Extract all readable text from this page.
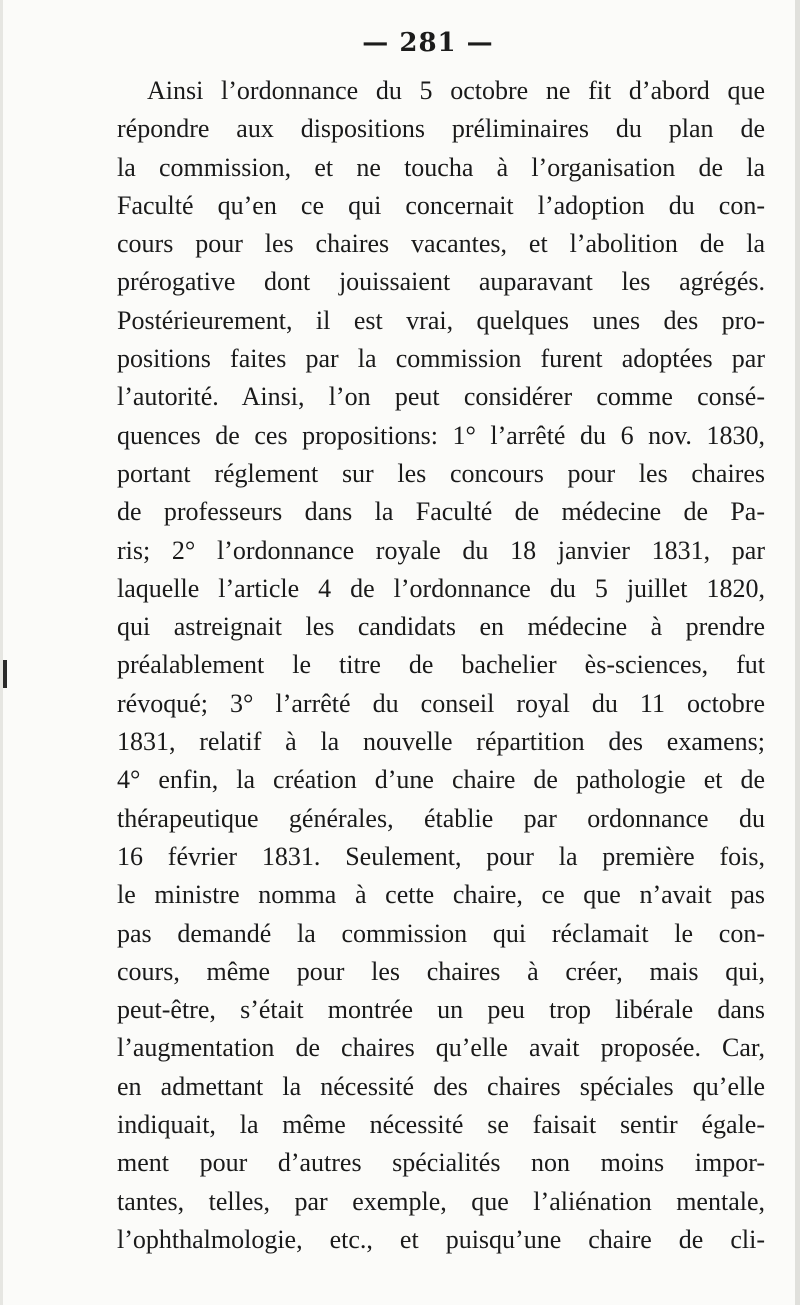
— 281 —
Ainsi l’ordonnance du 5 octobre ne fit d’abord que
répondre aux dispositions préliminaires du plan de
la commission, et ne toucha à l’organisation de la
Faculté qu’en ce qui concernait l’adoption du con-
cours pour les chaires vacantes, et l’abolition de la
prérogative dont jouissaient auparavant les agrégés.
Postérieurement, il est vrai, quelques unes des pro-
positions faites par la commission furent adoptées par
l’autorité. Ainsi, l’on peut considérer comme consé-
quences de ces propositions: 1° l’arrêté du 6 nov. 1830,
portant réglement sur les concours pour les chaires
de professeurs dans la Faculté de médecine de Pa-
ris; 2° l’ordonnance royale du 18 janvier 1831, par
laquelle l’article 4 de l’ordonnance du 5 juillet 1820,
qui astreignait les candidats en médecine à prendre
préalablement le titre de bachelier ès-sciences, fut
révoqué; 3° l’arrêté du conseil royal du 11 octobre
1831, relatif à la nouvelle répartition des examens;
4° enfin, la création d’une chaire de pathologie et de
thérapeutique générales, établie par ordonnance du
16 février 1831. Seulement, pour la première fois,
le ministre nomma à cette chaire, ce que n’avait pas
pas demandé la commission qui réclamait le con-
cours, même pour les chaires à créer, mais qui,
peut-être, s’était montrée un peu trop libérale dans
l’augmentation de chaires qu’elle avait proposée. Car,
en admettant la nécessité des chaires spéciales qu’elle
indiquait, la même nécessité se faisait sentir égale-
ment pour d’autres spécialités non moins impor-
tantes, telles, par exemple, que l’aliénation mentale,
l’ophthalmologie, etc., et puisqu’une chaire de cli-
